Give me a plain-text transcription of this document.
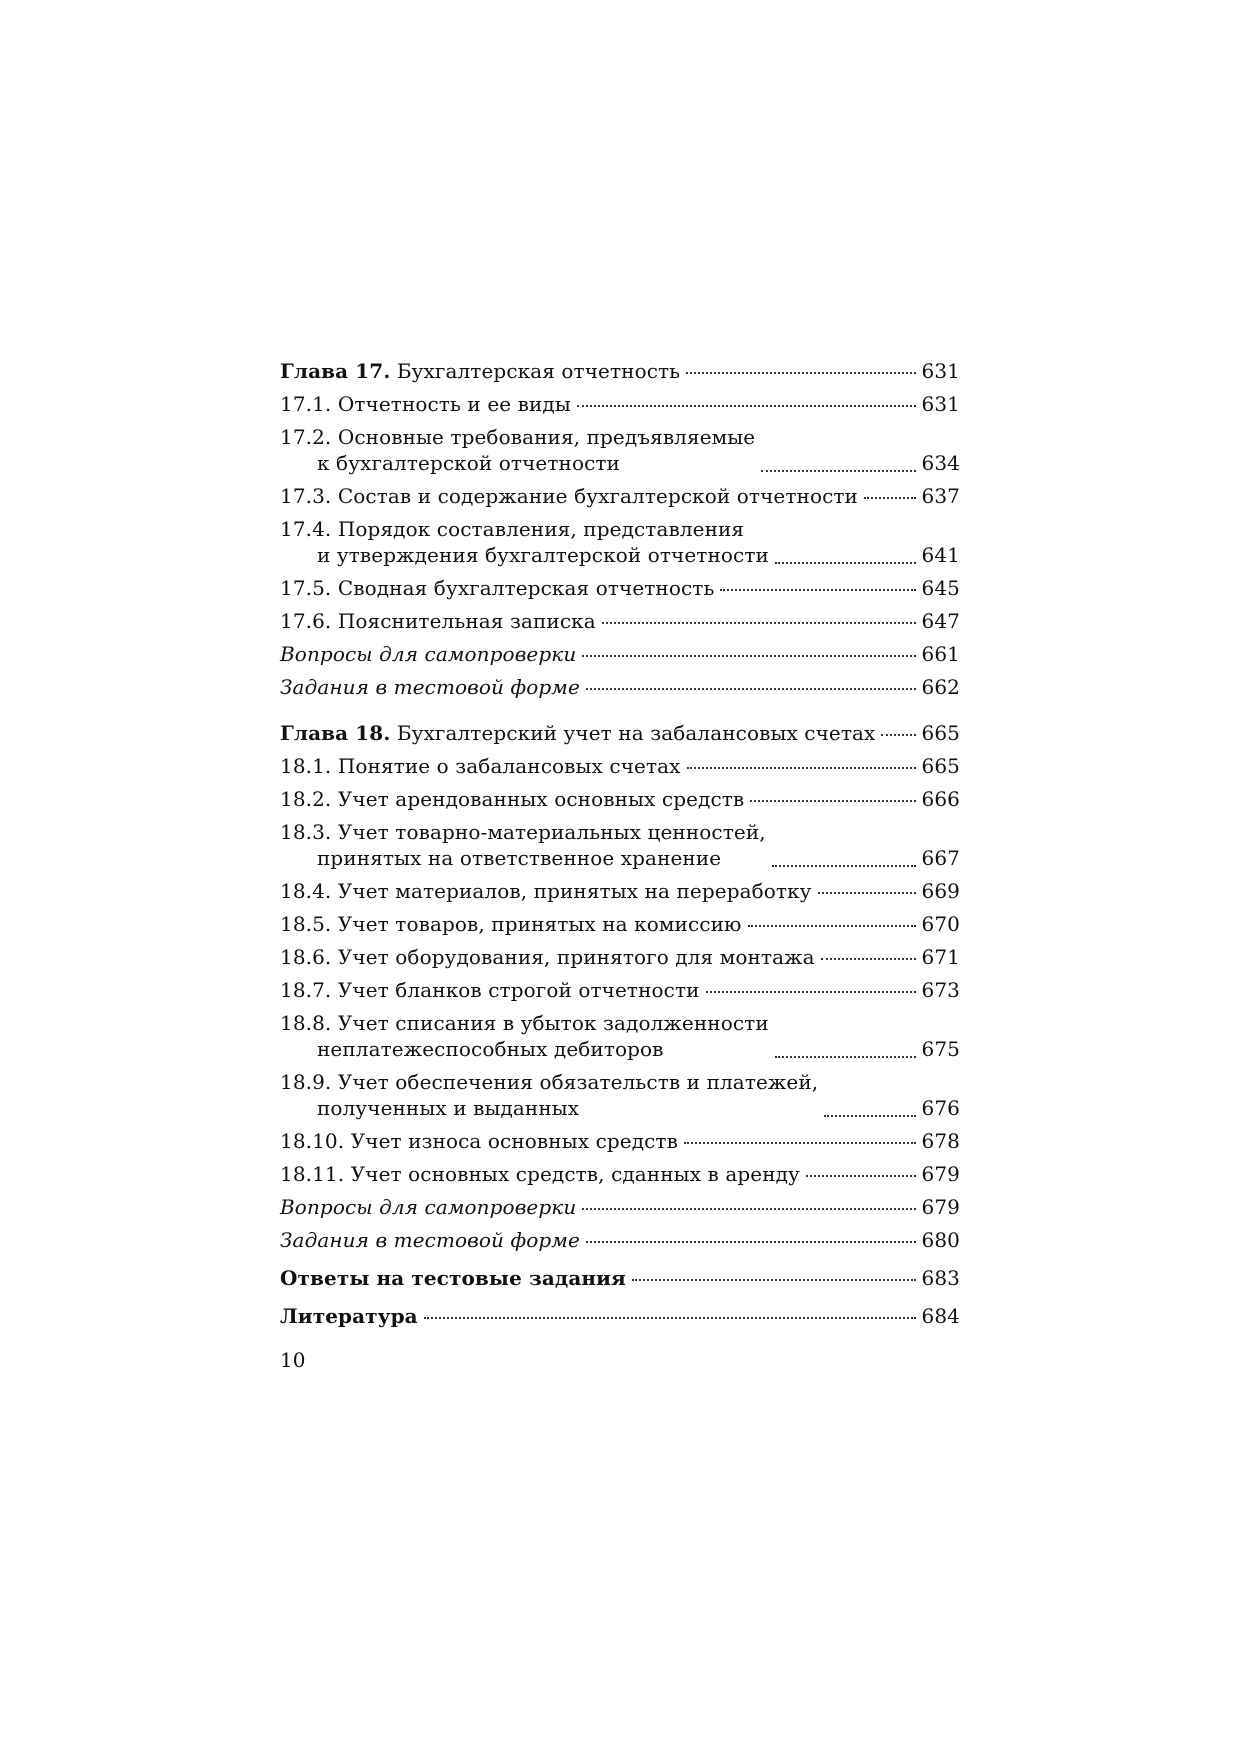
Глава 17. Бухгалтерская отчетность	631
17.1. Отчетность и ее виды	631
17.2. Основные требования, предъявляемые
к бухгалтерской отчетности	634
17.3. Состав и содержание бухгалтерской отчетности	637
17.4. Порядок составления, представления
и утверждения бухгалтерской отчетности	641
17.5. Сводная бухгалтерская отчетность	645
17.6. Пояснительная записка	647
Вопросы для самопроверки	661
Задания в тестовой форме	662
Глава 18. Бухгалтерский учет на забалансовых счетах 665
18.1. Понятие о забалансовых счетах	665
18.2. Учет арендованных основных средств	666
18.3. Учет товарно-материальных ценностей,
принятых на ответственное хранение	667
18.4. Учет материалов, принятых на переработку	669
18.5. Учет товаров, принятых на комиссию	670
18.6. Учет оборудования, принятого для монтажа	671
18.7. Учет бланков строгой отчетности	673
18.8. Учет списания в убыток задолженности
неплатежеспособных дебиторов	675
18.9. Учет обеспечения обязательств и платежей,
полученных и выданных	676
18.10. Учет износа основных средств	678
18.11. Учет основных средств, сданных в аренду	679
Вопросы для самопроверки	679
Задания в тестовой форме	680
Ответы на тестовые задания	683
Литература	684
10
